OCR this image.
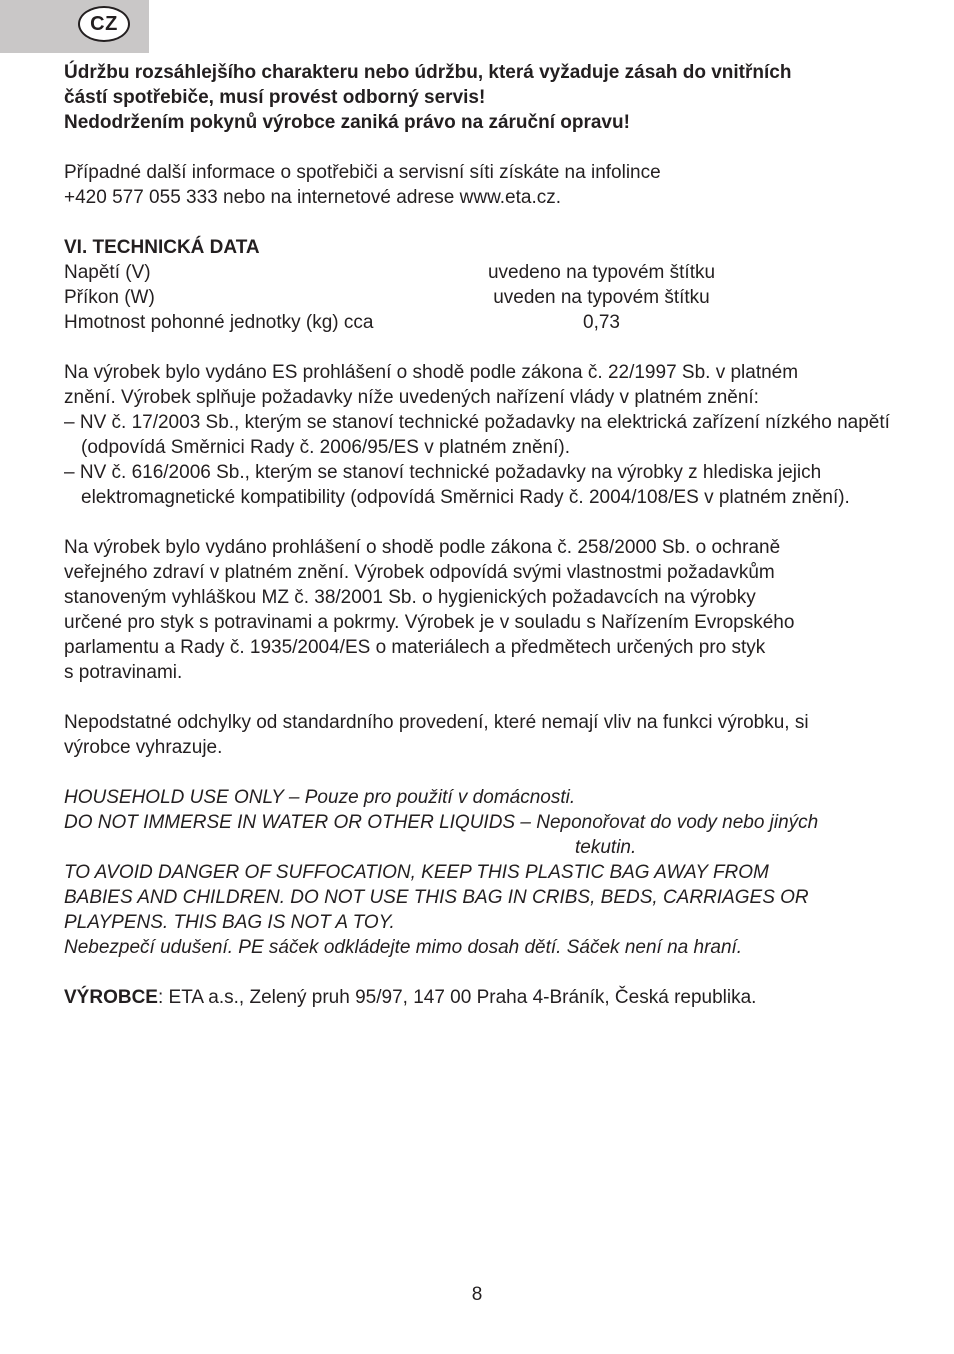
CZ

Údržbu rozsáhlejšího charakteru nebo údržbu, která vyžaduje zásah do vnitřních

částí spotřebiče, musí provést odborný servis!

Nedodržením pokynů výrobce zaniká právo na záruční opravu!

Případné další informace o spotřebiči a servisní síti získáte na infolince

+420 577 055 333 nebo na internetové adrese www.eta.cz.

VI. TECHNICKÁ DATA

Napětí (V)	uvedeno na typovém štítku
Příkon (W)	uveden na typovém štítku
Hmotnost pohonné jednotky (kg) cca	0,73

Na výrobek bylo vydáno ES prohlášení o shodě podle zákona č. 22/1997 Sb. v platném

znění. Výrobek splňuje požadavky níže uvedených nařízení vlády v platném znění:

– NV č. 17/2003 Sb., kterým se stanoví technické požadavky na elektrická zařízení nízkého napětí (odpovídá Směrnici Rady č. 2006/95/ES v platném znění).

– NV č. 616/2006 Sb., kterým se stanoví technické požadavky na výrobky z hlediska jejich elektromagnetické kompatibility (odpovídá Směrnici Rady č. 2004/108/ES v platném znění).

Na výrobek bylo vydáno prohlášení o shodě podle zákona č. 258/2000 Sb. o ochraně

veřejného zdraví v platném znění. Výrobek odpovídá svými vlastnostmi požadavkům

stanoveným vyhláškou MZ č. 38/2001 Sb. o hygienických požadavcích na výrobky

určené pro styk s potravinami a pokrmy. Výrobek je v souladu s Nařízením Evropského

parlamentu a Rady č. 1935/2004/ES o materiálech a předmětech určených pro styk

s potravinami.

Nepodstatné odchylky od standardního provedení, které nemají vliv na funkci výrobku, si

výrobce vyhrazuje.

HOUSEHOLD USE ONLY – Pouze pro použití v domácnosti.

DO NOT IMMERSE IN WATER OR OTHER LIQUIDS – Neponořovat do vody nebo jiných

tekutin.

TO AVOID DANGER OF SUFFOCATION, KEEP THIS PLASTIC BAG AWAY FROM

BABIES AND CHILDREN. DO NOT USE THIS BAG IN CRIBS, BEDS, CARRIAGES OR

PLAYPENS. THIS BAG IS NOT A TOY.

Nebezpečí udušení. PE sáček odkládejte mimo dosah dětí. Sáček není na hraní.

VÝROBCE: ETA a.s., Zelený pruh 95/97, 147 00 Praha 4-Bráník, Česká republika.

8
